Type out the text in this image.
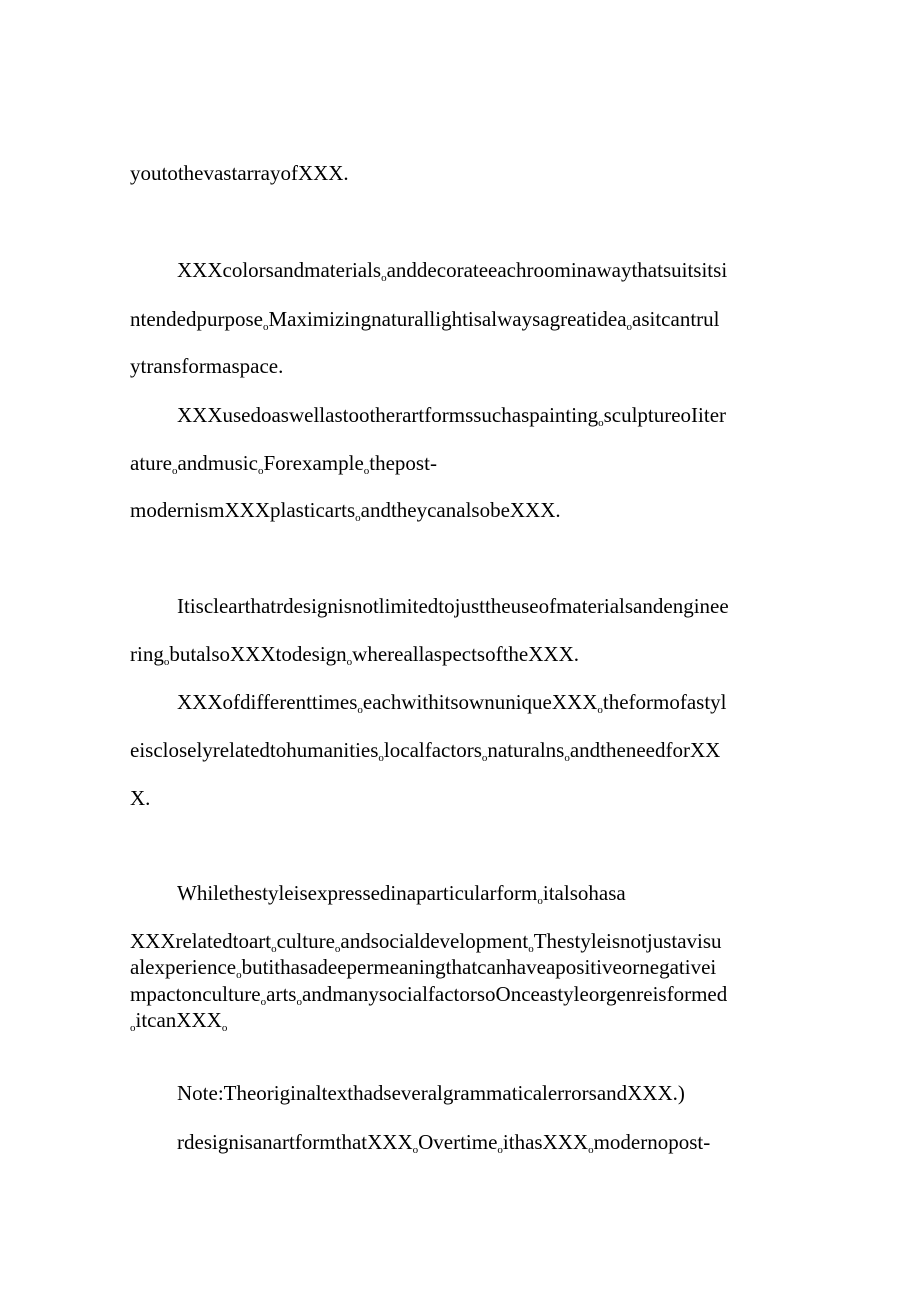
youtothevastarrayofXXX.
XXXcolorsandmaterials$_o$anddecorateeachroominawaythatsuitsitsi
ntendedpurpose$_o$Maximizingnaturallightisalwaysagreatidea$_o$asitcantrul
ytransformaspace.
XXXusedoaswellastootherartformssuchaspainting$_o$sculptureoIiter
ature$_o$andmusic$_o$Forexample$_o$thepost-
modernismXXXplasticarts$_o$andtheycanalsobeXXX.
Itisclearthatrdesignisnotlimitedtojusttheuseofmaterialsandenginee
ring$_o$butalsoXXXtodesign$_o$whereallaspectsoftheXXX.
XXXofdifferenttimes$_o$eachwithitsownuniqueXXX$_o$theformofastyl
eiscloselyrelatedtohumanities$_o$localfactors$_o$naturalns$_o$andtheneedforXX
X.
Whilethestyleisexpressedinaparticularform$_o$italsohasa
XXXrelatedtoart$_o$culture$_o$andsocialdevelopment$_o$Thestyleisnotjustavisu
alexperience$_o$butithasadeepermeaningthatcanhaveapositiveornegativei
mpactonculture$_o$arts$_o$andmanysocialfactorsoOnceastyleorgenreisformed
$_o$itcanXXX$_o$
Note:TheoriginaltexthadseveralgrammaticalerrorsandXXX.)
rdesignisanartformthatXXX$_o$Overtime$_o$ithasXXX$_o$modernopost-
